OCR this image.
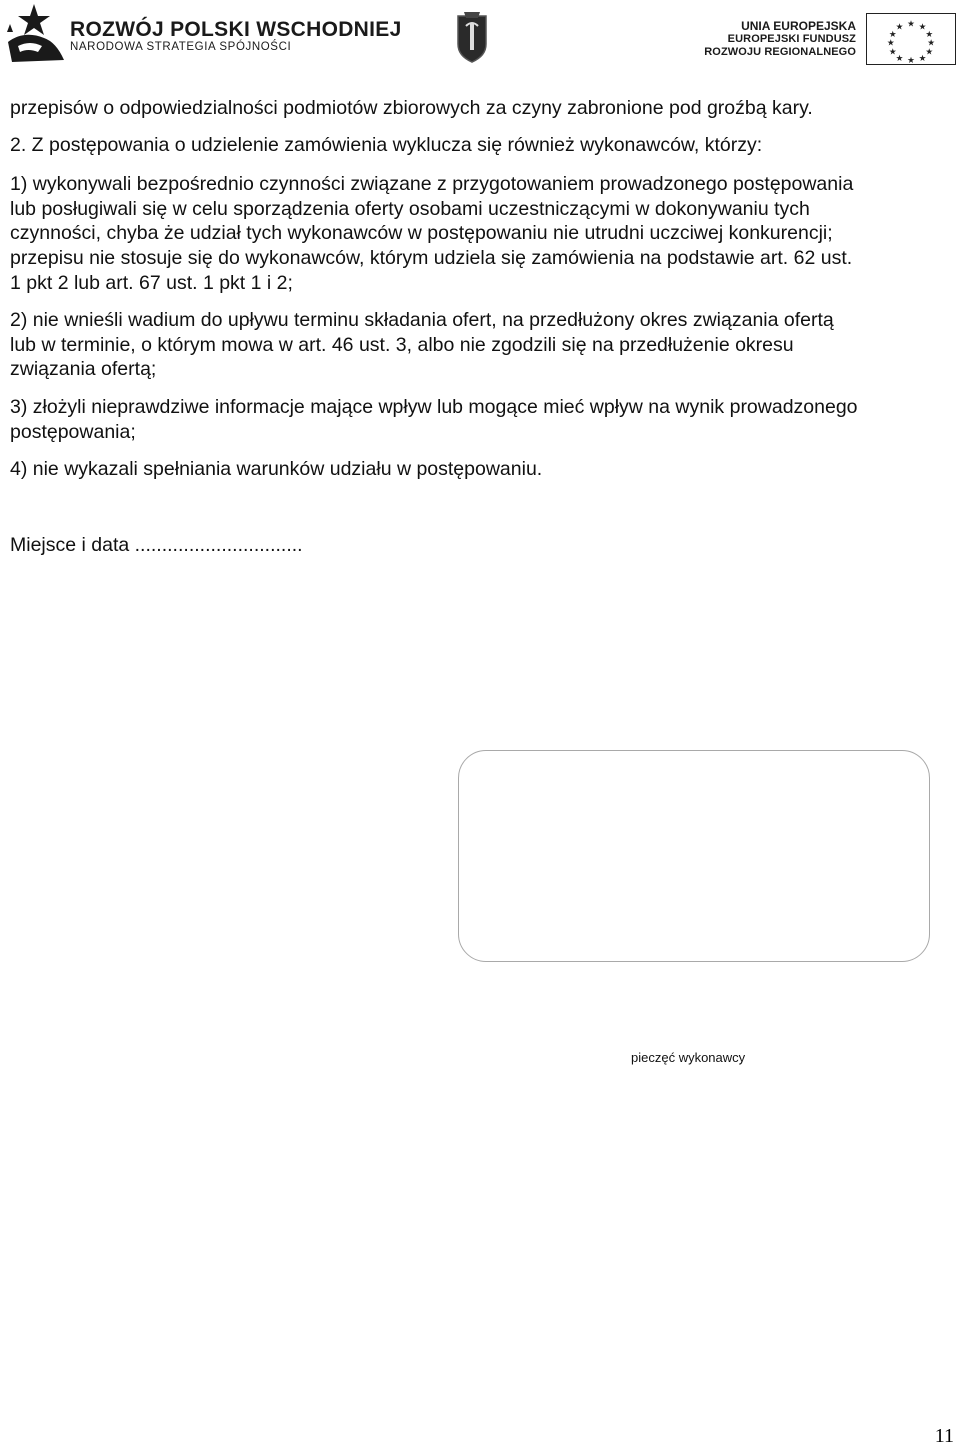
ROZWÓJ POLSKI WSCHODNIEJ
NARODOWA STRATEGIA SPÓJNOŚCI
UNIA EUROPEJSKA
EUROPEJSKI FUNDUSZ
ROZWOJU REGIONALNEGO
★ ★
★
★
★
★
★
★
★
★
★
★
przepisów o odpowiedzialności podmiotów zbiorowych za czyny zabronione pod groźbą kary.
2. Z postępowania o udzielenie zamówienia wyklucza się również wykonawców, którzy:
1) wykonywali bezpośrednio czynności związane z przygotowaniem prowadzonego postępowania
lub posługiwali się w celu sporządzenia oferty osobami uczestniczącymi w dokonywaniu tych
czynności, chyba że udział tych wykonawców w postępowaniu nie utrudni uczciwej konkurencji;
przepisu nie stosuje się do wykonawców, którym udziela się zamówienia na podstawie art. 62 ust.
1 pkt 2 lub art. 67 ust. 1 pkt 1 i 2;
2) nie wnieśli wadium do upływu terminu składania ofert, na przedłużony okres związania ofertą
lub w terminie, o którym mowa w art. 46 ust. 3, albo nie zgodzili się na przedłużenie okresu
związania ofertą;
3) złożyli nieprawdziwe informacje mające wpływ lub mogące mieć wpływ na wynik prowadzonego
postępowania;
4) nie wykazali spełniania warunków udziału w postępowaniu.
Miejsce i data ...............................
pieczęć wykonawcy
11
